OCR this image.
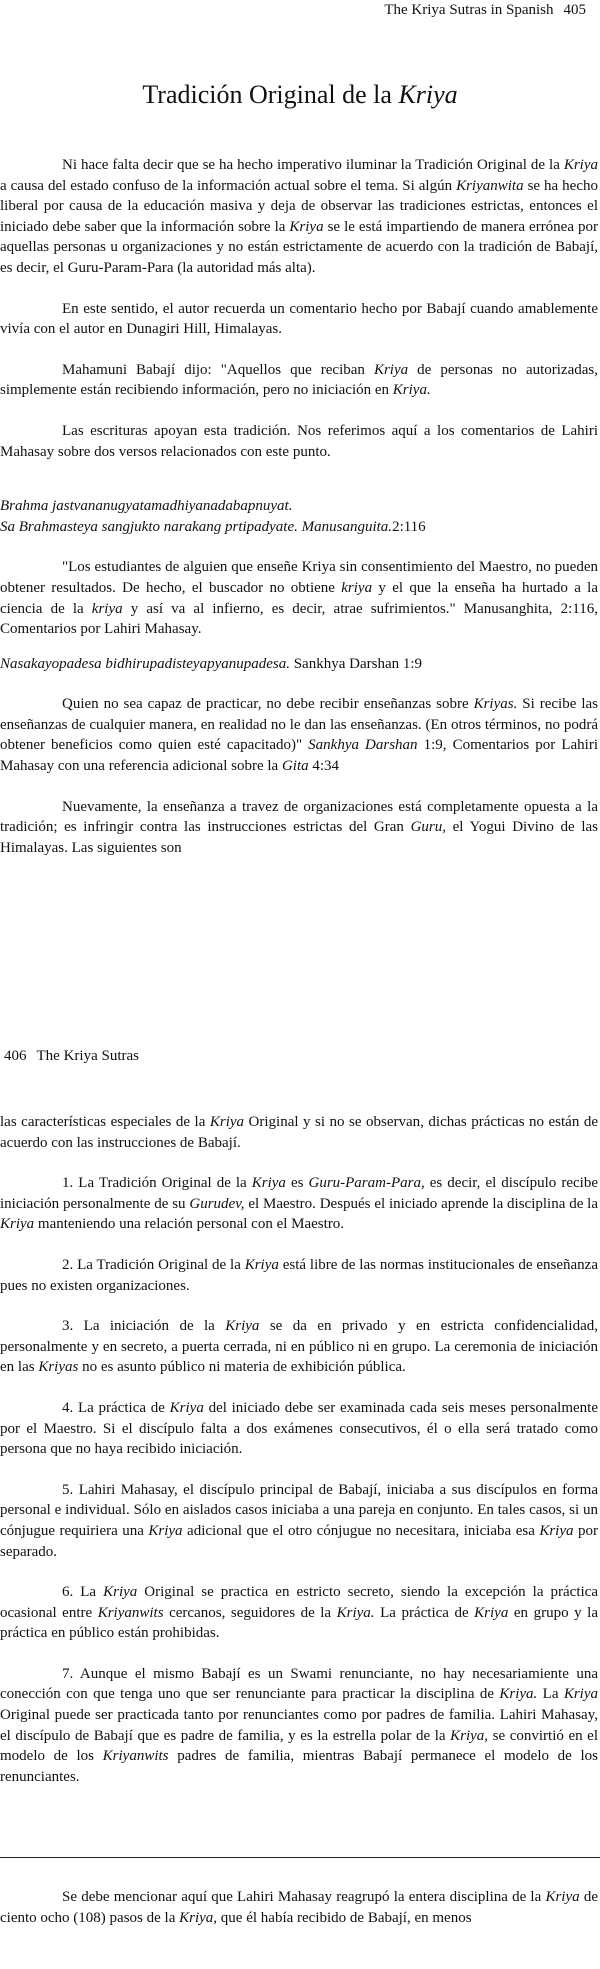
The Kriya Sutras in Spanish 405
Tradición Original de la Kriya

Ni hace falta decir que se ha hecho imperativo iluminar la Tradición Original de la Kriya a causa del estado confuso de la información actual sobre el tema. Si algún Kriyanwita se ha hecho liberal por causa de la educación masiva y deja de observar las tradiciones estrictas, entonces el iniciado debe saber que la información sobre la Kriya se le está impartiendo de manera errónea por aquellas personas u organizaciones y no están estrictamente de acuerdo con la tradición de Babají, es decir, el Guru-Param-Para (la autoridad más alta).

En este sentido, el autor recuerda un comentario hecho por Babají cuando amablemente vivía con el autor en Dunagiri Hill, Himalayas.

Mahamuni Babají dijo: "Aquellos que reciban Kriya de personas no autorizadas, simplemente están recibiendo información, pero no iniciación en Kriya.

Las escrituras apoyan esta tradición. Nos referimos aquí a los comentarios de Lahiri Mahasay sobre dos versos relacionados con este punto.

Brahma jastvananugyatamadhiyanadabapnuyat.

Sa Brahmasteya sangjukto narakang prtipadyate. Manusanguita.2:116

"Los estudiantes de alguien que enseñe Kriya sin consentimiento del Maestro, no pueden obtener resultados. De hecho, el buscador no obtiene kriya y el que la enseña ha hurtado a la ciencia de la kriya y así va al infierno, es decir, atrae sufrimientos." Manusanghita, 2:116, Comentarios por Lahiri Mahasay.

Nasakayopadesa bidhirupadisteyapyanupadesa. Sankhya Darshan 1:9

Quien no sea capaz de practicar, no debe recibir enseñanzas sobre Kriyas. Si recibe las enseñanzas de cualquier manera, en realidad no le dan las enseñanzas. (En otros términos, no podrá obtener beneficios como quien esté capacitado)" Sankhya Darshan 1:9, Comentarios por Lahiri Mahasay con una referencia adicional sobre la Gita 4:34

Nuevamente, la enseñanza a travez de organizaciones está completamente opuesta a la tradición; es infringir contra las instrucciones estrictas del Gran Guru, el Yogui Divino de las Himalayas. Las siguientes son

406 The Kriya Sutras

las características especiales de la Kriya Original y si no se observan, dichas prácticas no están de acuerdo con las instrucciones de Babají.

1. La Tradición Original de la Kriya es Guru-Param-Para, es decir, el discípulo recibe iniciación personalmente de su Gurudev, el Maestro. Después el iniciado aprende la disciplina de la Kriya manteniendo una relación personal con el Maestro.

2. La Tradición Original de la Kriya está libre de las normas institucionales de enseñanza pues no existen organizaciones.

3. La iniciación de la Kriya se da en privado y en estricta confidencialidad, personalmente y en secreto, a puerta cerrada, ni en público ni en grupo. La ceremonia de iniciación en las Kriyas no es asunto público ni materia de exhibición pública.

4. La práctica de Kriya del iniciado debe ser examinada cada seis meses personalmente por el Maestro. Si el discípulo falta a dos exámenes consecutivos, él o ella será tratado como persona que no haya recibido iniciación.

5. Lahiri Mahasay, el discípulo principal de Babají, iniciaba a sus discípulos en forma personal e individual. Sólo en aislados casos iniciaba a una pareja en conjunto. En tales casos, si un cónjugue requiriera una Kriya adicional que el otro cónjugue no necesitara, iniciaba esa Kriya por separado.

6. La Kriya Original se practica en estricto secreto, siendo la excepción la práctica ocasional entre Kriyanwits cercanos, seguidores de la Kriya. La práctica de Kriya en grupo y la práctica en público están prohibidas.

7. Aunque el mismo Babají es un Swami renunciante, no hay necesariamiente una conección con que tenga uno que ser renunciante para practicar la disciplina de Kriya. La Kriya Original puede ser practicada tanto por renunciantes como por padres de familia. Lahiri Mahasay, el discípulo de Babají que es padre de familia, y es la estrella polar de la Kriya, se convirtió en el modelo de los Kriyanwits padres de familia, mientras Babají permanece el modelo de los renunciantes.

Se debe mencionar aquí que Lahiri Mahasay reagrupó la entera disciplina de la Kriya de ciento ocho (108) pasos de la Kriya, que él había recibido de Babají, en menos
